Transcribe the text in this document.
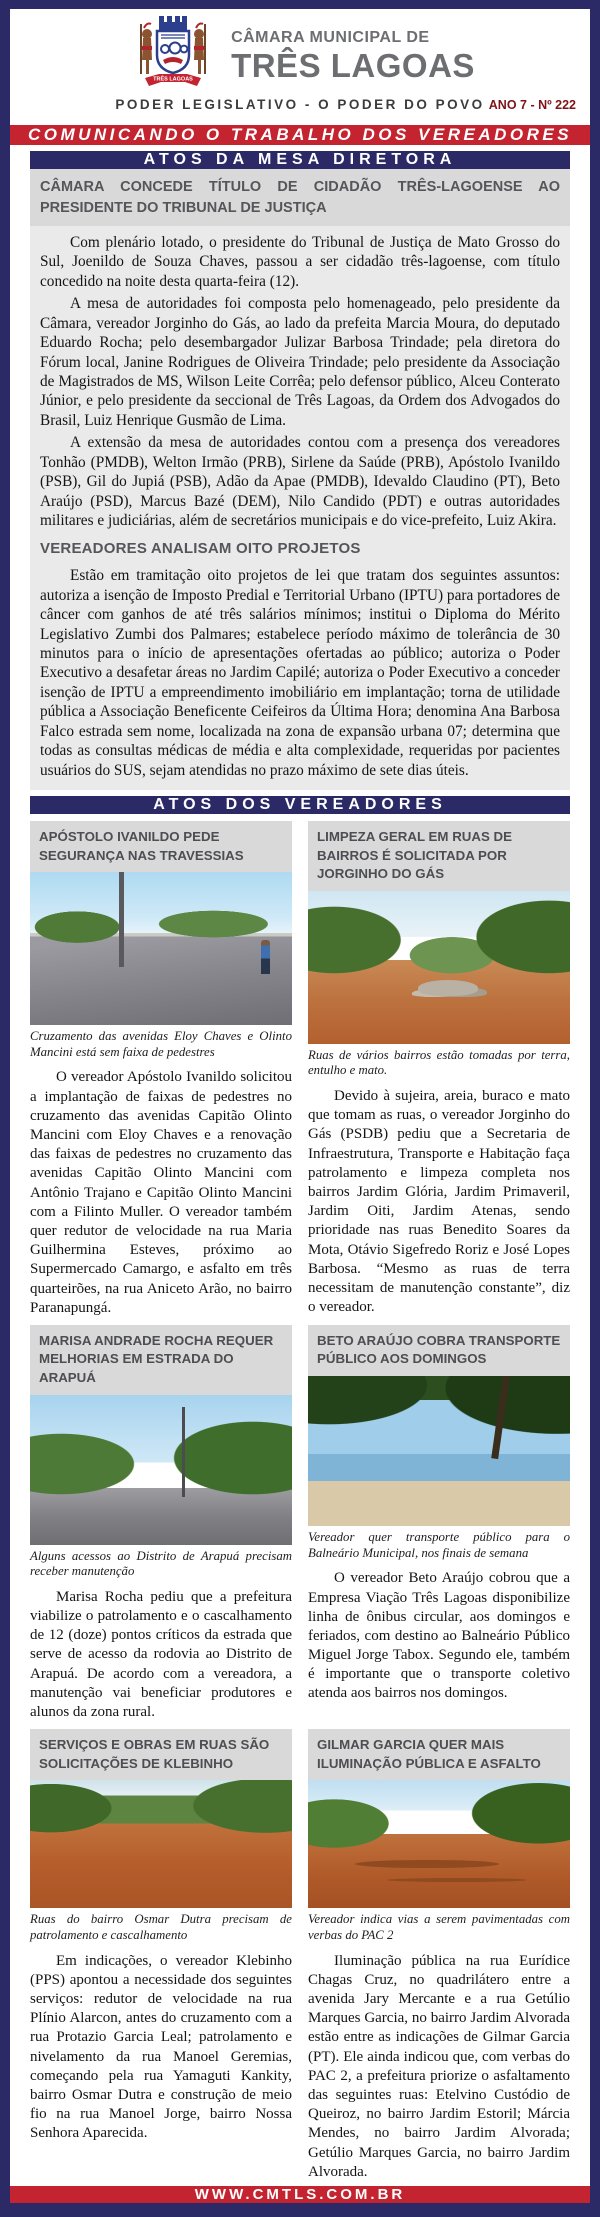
TRÊS LAGOAS
CÂMARA MUNICIPAL DE
TRÊS LAGOAS
PODER LEGISLATIVO - O PODER DO POVO ANO 7 - Nº 222
COMUNICANDO O TRABALHO DOS VEREADORES
ATOS DA MESA DIRETORA
CÂMARA CONCEDE TÍTULO DE CIDADÃO TRÊS-LAGOENSE AO PRESIDENTE DO TRIBUNAL DE JUSTIÇA

Com plenário lotado, o presidente do Tribunal de Justiça de Mato Grosso do Sul, Joenildo de Souza Chaves, passou a ser cidadão três-lagoense, com título concedido na noite desta quarta-feira (12).

A mesa de autoridades foi composta pelo homenageado, pelo presidente da Câmara, vereador Jorginho do Gás, ao lado da prefeita Marcia Moura, do deputado Eduardo Rocha; pelo desembargador Julizar Barbosa Trindade; pela diretora do Fórum local, Janine Rodrigues de Oliveira Trindade; pelo presidente da Associação de Magistrados de MS, Wilson Leite Corrêa; pelo defensor público, Alceu Conterato Júnior, e pelo presidente da seccional de Três Lagoas, da Ordem dos Advogados do Brasil, Luiz Henrique Gusmão de Lima.

A extensão da mesa de autoridades contou com a presença dos vereadores Tonhão (PMDB), Welton Irmão (PRB), Sirlene da Saúde (PRB), Apóstolo Ivanildo (PSB), Gil do Jupiá (PSB), Adão da Apae (PMDB), Idevaldo Claudino (PT), Beto Araújo (PSD), Marcus Bazé (DEM), Nilo Candido (PDT) e outras autoridades militares e judiciárias, além de secretários municipais e do vice-prefeito, Luiz Akira.

VEREADORES ANALISAM OITO PROJETOS

Estão em tramitação oito projetos de lei que tratam dos seguintes assuntos: autoriza a isenção de Imposto Predial e Territorial Urbano (IPTU) para portadores de câncer com ganhos de até três salários mínimos; institui o Diploma do Mérito Legislativo Zumbi dos Palmares; estabelece período máximo de tolerância de 30 minutos para o início de apresentações ofertadas ao público; autoriza o Poder Executivo a desafetar áreas no Jardim Capilé; autoriza o Poder Executivo a conceder isenção de IPTU a empreendimento imobiliário em implantação; torna de utilidade pública a Associação Beneficente Ceifeiros da Última Hora; denomina Ana Barbosa Falco estrada sem nome, localizada na zona de expansão urbana 07; determina que todas as consultas médicas de média e alta complexidade, requeridas por pacientes usuários do SUS, sejam atendidas no prazo máximo de sete dias úteis.

ATOS DOS VEREADORES
APÓSTOLO IVANILDO PEDE SEGURANÇA NAS TRAVESSIAS
Cruzamento das avenidas Eloy Chaves e Olinto Mancini está sem faixa de pedestres
O vereador Apóstolo Ivanildo solicitou a implantação de faixas de pedestres no cruzamento das avenidas Capitão Olinto Mancini com Eloy Chaves e a renovação das faixas de pedestres no cruzamento das avenidas Capitão Olinto Mancini com Antônio Trajano e Capitão Olinto Mancini com a Filinto Muller. O vereador também quer redutor de velocidade na rua Maria Guilhermina Esteves, próximo ao Supermercado Camargo, e asfalto em três quarteirões, na rua Aniceto Arão, no bairro Paranapungá.
LIMPEZA GERAL EM RUAS DE BAIRROS É SOLICITADA POR JORGINHO DO GÁS
Ruas de vários bairros estão tomadas por terra, entulho e mato.
Devido à sujeira, areia, buraco e mato que tomam as ruas, o vereador Jorginho do Gás (PSDB) pediu que a Secretaria de Infraestrutura, Transporte e Habitação faça patrolamento e limpeza completa nos bairros Jardim Glória, Jardim Primaveril, Jardim Oiti, Jardim Atenas, sendo prioridade nas ruas Benedito Soares da Mota, Otávio Sigefredo Roriz e José Lopes Barbosa. “Mesmo as ruas de terra necessitam de manutenção constante”, diz o vereador.
MARISA ANDRADE ROCHA REQUER MELHORIAS EM ESTRADA DO ARAPUÁ
Alguns acessos ao Distrito de Arapuá precisam receber manutenção
Marisa Rocha pediu que a prefeitura viabilize o patrolamento e o cascalhamento de 12 (doze) pontos críticos da estrada que serve de acesso da rodovia ao Distrito de Arapuá. De acordo com a vereadora, a manutenção vai beneficiar produtores e alunos da zona rural.
BETO ARAÚJO COBRA TRANSPORTE PÚBLICO AOS DOMINGOS
Vereador quer transporte público para o Balneário Municipal, nos finais de semana
O vereador Beto Araújo cobrou que a Empresa Viação Três Lagoas disponibilize linha de ônibus circular, aos domingos e feriados, com destino ao Balneário Público Miguel Jorge Tabox. Segundo ele, também é importante que o transporte coletivo atenda aos bairros nos domingos.
SERVIÇOS E OBRAS EM RUAS SÃO SOLICITAÇÕES DE KLEBINHO
Ruas do bairro Osmar Dutra precisam de patrolamento e cascalhamento
Em indicações, o vereador Klebinho (PPS) apontou a necessidade dos seguintes serviços: redutor de velocidade na rua Plínio Alarcon, antes do cruzamento com a rua Protazio Garcia Leal; patrolamento e nivelamento da rua Manoel Geremias, começando pela rua Yamaguti Kankity, bairro Osmar Dutra e construção de meio fio na rua Manoel Jorge, bairro Nossa Senhora Aparecida.
GILMAR GARCIA QUER MAIS ILUMINAÇÃO PÚBLICA E ASFALTO
Vereador indica vias a serem pavimentadas com verbas do PAC 2
Iluminação pública na rua Eurídice Chagas Cruz, no quadrilátero entre a avenida Jary Mercante e a rua Getúlio Marques Garcia, no bairro Jardim Alvorada estão entre as indicações de Gilmar Garcia (PT). Ele ainda indicou que, com verbas do PAC 2, a prefeitura priorize o asfaltamento das seguintes ruas: Etelvino Custódio de Queiroz, no bairro Jardim Estoril; Márcia Mendes, no bairro Jardim Alvorada; Getúlio Marques Garcia, no bairro Jardim Alvorada.
WWW.CMTLS.COM.BR
